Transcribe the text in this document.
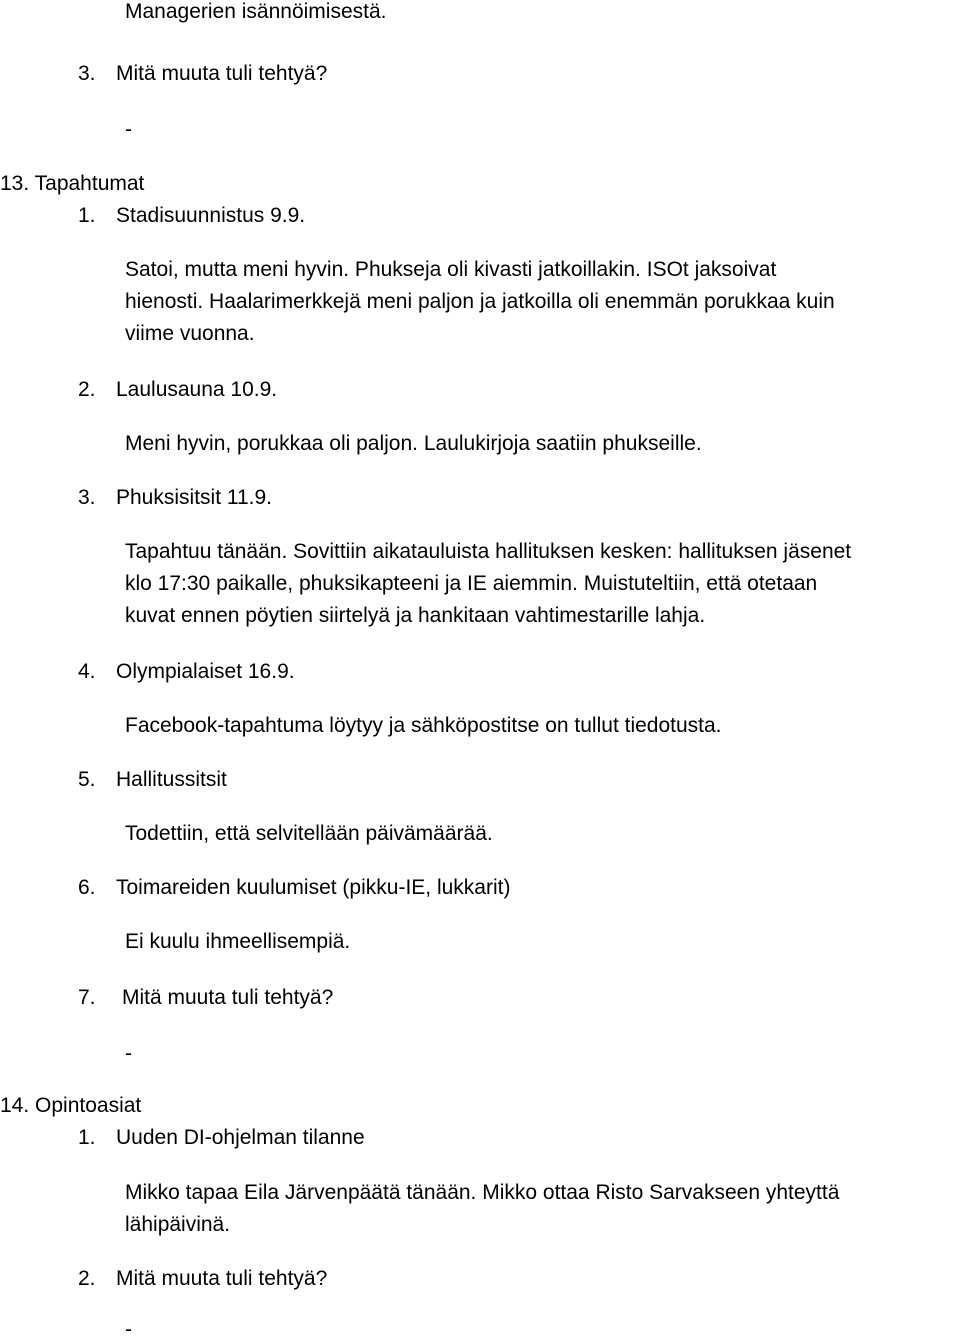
Managerien isännöimisestä.
3. Mitä muuta tuli tehtyä?
-
13. Tapahtumat
1. Stadisuunnistus 9.9.
Satoi, mutta meni hyvin. Phukseja oli kivasti jatkoillakin. ISOt jaksoivat
hienosti. Haalarimerkkejä meni paljon ja jatkoilla oli enemmän porukkaa kuin
viime vuonna.
2. Laulusauna 10.9.
Meni hyvin, porukkaa oli paljon. Laulukirjoja saatiin phukseille.
3. Phuksisitsit 11.9.
Tapahtuu tänään. Sovittiin aikatauluista hallituksen kesken: hallituksen jäsenet
klo 17:30 paikalle, phuksikapteeni ja IE aiemmin. Muistuteltiin, että otetaan
kuvat ennen pöytien siirtelyä ja hankitaan vahtimestarille lahja.
4. Olympialaiset 16.9.
Facebook-tapahtuma löytyy ja sähköpostitse on tullut tiedotusta.
5. Hallitussitsit
Todettiin, että selvitellään päivämäärää.
6. Toimareiden kuulumiset (pikku-IE, lukkarit)
Ei kuulu ihmeellisempiä.
7. Mitä muuta tuli tehtyä?
-
14. Opintoasiat
1. Uuden DI-ohjelman tilanne
Mikko tapaa Eila Järvenpäätä tänään. Mikko ottaa Risto Sarvakseen yhteyttä
lähipäivinä.
2. Mitä muuta tuli tehtyä?
-
